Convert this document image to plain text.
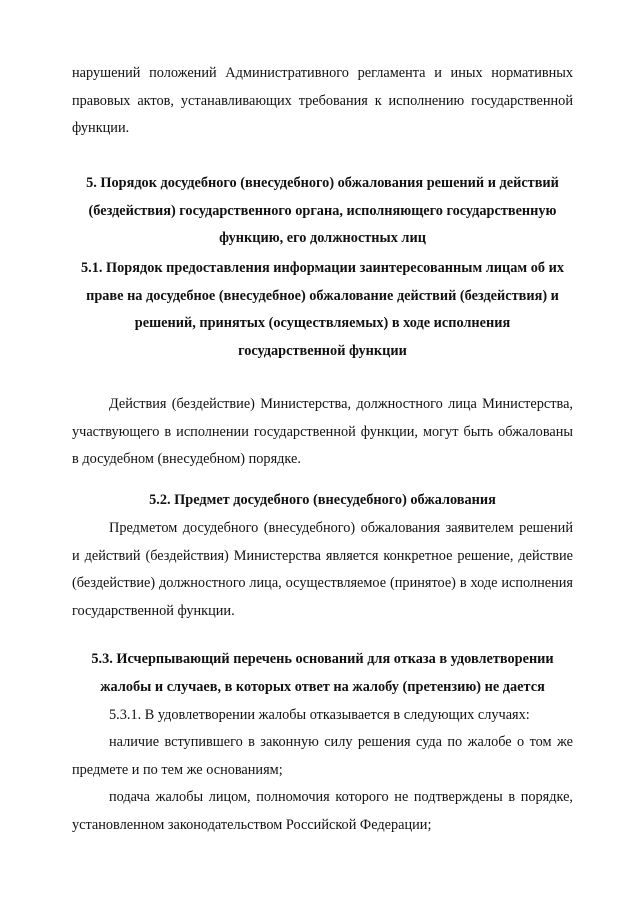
нарушений положений Административного регламента и иных нормативных правовых актов, устанавливающих требования к исполнению государственной функции.

5. Порядок досудебного (внесудебного) обжалования решений и действий (бездействия) государственного органа, исполняющего государственную функцию, его должностных лиц
5.1. Порядок предоставления информации заинтересованным лицам об их праве на досудебное (внесудебное) обжалование действий (бездействия) и решений, принятых (осуществляемых) в ходе исполнения государственной функции

Действия (бездействие) Министерства, должностного лица Министерства, участвующего в исполнении государственной функции, могут быть обжалованы в досудебном (внесудебном) порядке.

5.2. Предмет досудебного (внесудебного) обжалования

Предметом досудебного (внесудебного) обжалования заявителем решений и действий (бездействия) Министерства является конкретное решение, действие (бездействие) должностного лица, осуществляемое (принятое) в ходе исполнения государственной функции.

5.3. Исчерпывающий перечень оснований для отказа в удовлетворении жалобы и случаев, в которых ответ на жалобу (претензию) не дается

5.3.1. В удовлетворении жалобы отказывается в следующих случаях:

наличие вступившего в законную силу решения суда по жалобе о том же предмете и по тем же основаниям;

подача жалобы лицом, полномочия которого не подтверждены в порядке, установленном законодательством Российской Федерации;
